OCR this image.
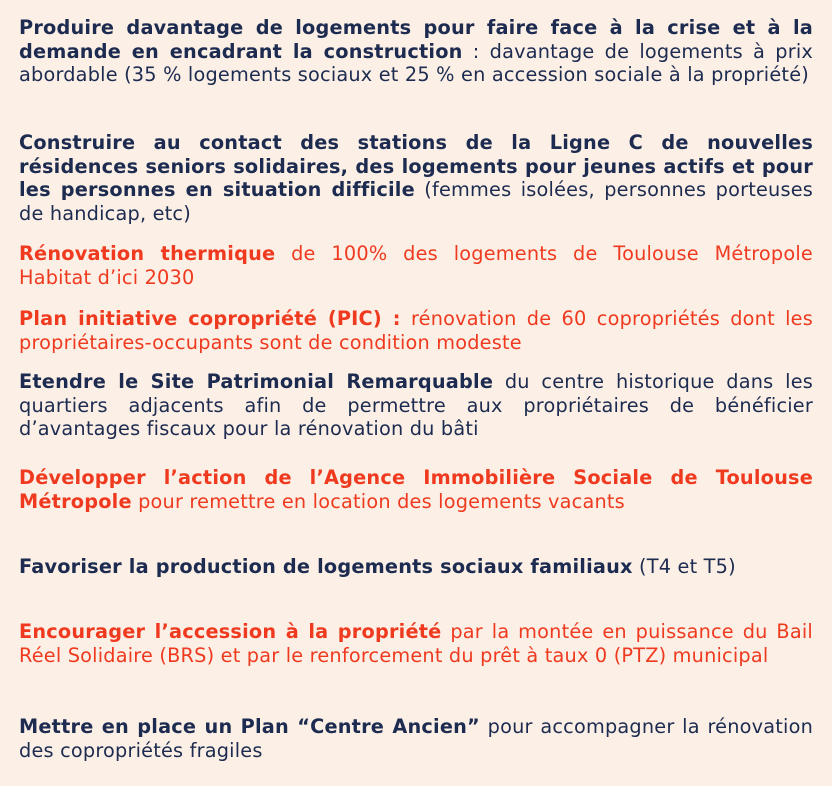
Produire davantage de logements pour faire face à la crise et à la demande en encadrant la construction : davantage de logements à prix abordable (35 % logements sociaux et 25 % en accession sociale à la propriété)

Construire au contact des stations de la Ligne C de nouvelles résidences seniors solidaires, des logements pour jeunes actifs et pour les personnes en situation difficile (femmes isolées, personnes porteuses de handicap, etc)

Rénovation thermique de 100% des logements de Toulouse Métropole Habitat d’ici 2030

Plan initiative copropriété (PIC) : rénovation de 60 copropriétés dont les propriétaires-occupants sont de condition modeste

Etendre le Site Patrimonial Remarquable du centre historique dans les quartiers adjacents afin de permettre aux propriétaires de bénéficier d’avantages fiscaux pour la rénovation du bâti

Développer l’action de l’Agence Immobilière Sociale de Toulouse Métropole pour remettre en location des logements vacants

Favoriser la production de logements sociaux familiaux (T4 et T5)

Encourager l’accession à la propriété par la montée en puissance du Bail Réel Solidaire (BRS) et par le renforcement du prêt à taux 0 (PTZ) municipal

Mettre en place un Plan “Centre Ancien” pour accompagner la rénovation des copropriétés fragiles
